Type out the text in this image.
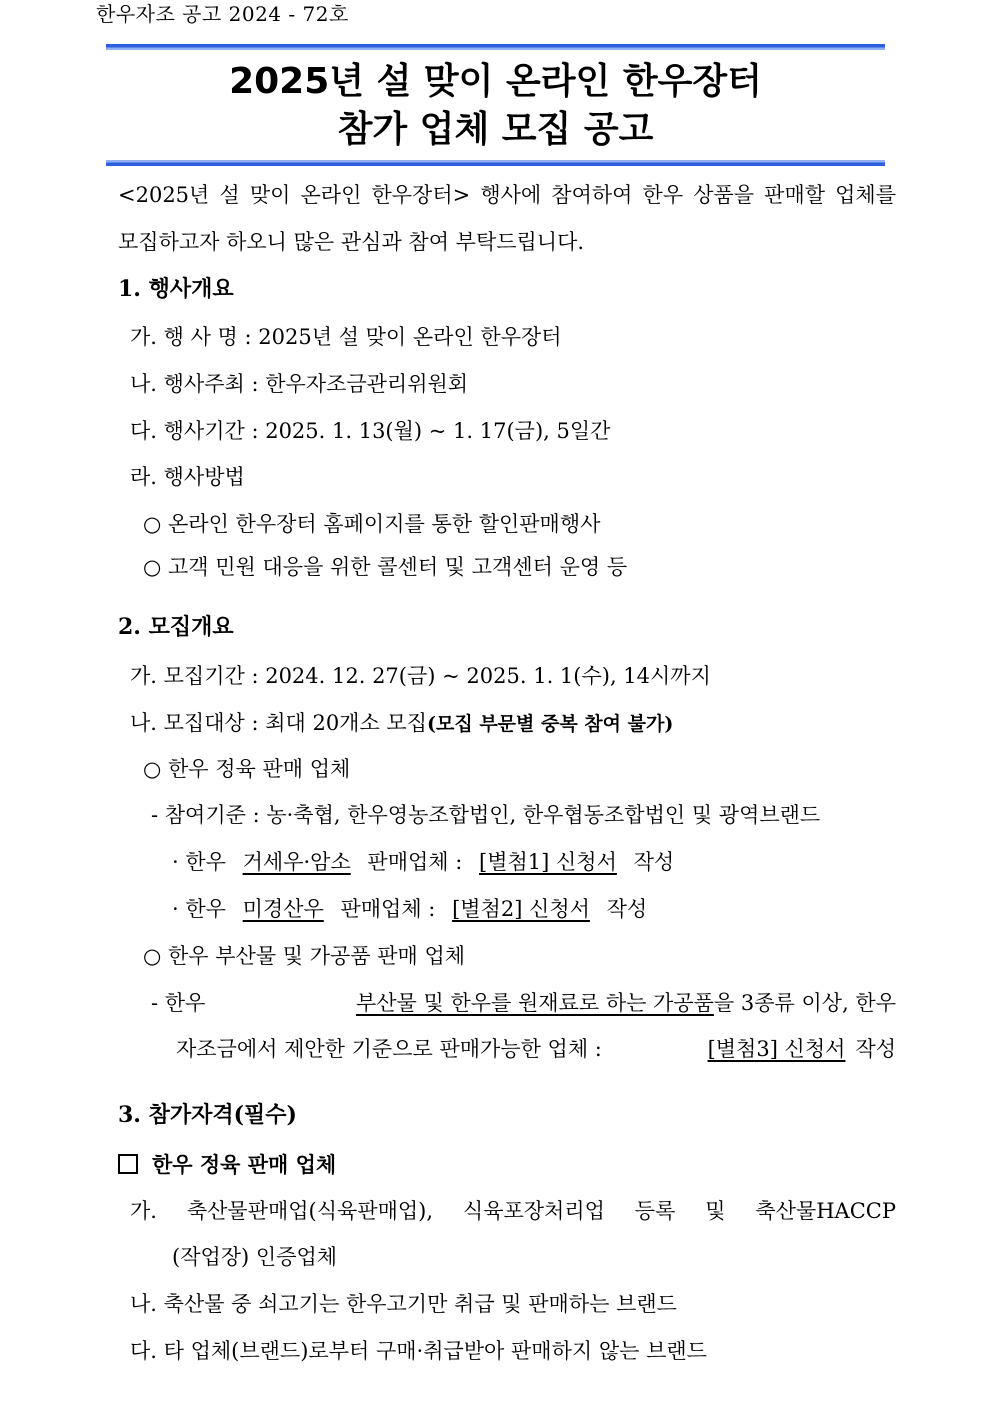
한우자조 공고 2024 - 72호
2025년 설 맞이 온라인 한우장터
참가 업체 모집 공고
<2025년 설 맞이 온라인 한우장터> 행사에 참여하여 한우 상품을 판매할 업체를
모집하고자 하오니 많은 관심과 참여 부탁드립니다.
1. 행사개요
가. 행 사 명 : 2025년 설 맞이 온라인 한우장터
나. 행사주최 : 한우자조금관리위원회
다. 행사기간 : 2025. 1. 13(월) ~ 1. 17(금), 5일간
라. 행사방법
○ 온라인 한우장터 홈페이지를 통한 할인판매행사
○ 고객 민원 대응을 위한 콜센터 및 고객센터 운영 등
2. 모집개요
가. 모집기간 : 2024. 12. 27(금) ~ 2025. 1. 1(수), 14시까지
나. 모집대상 : 최대 20개소 모집(모집 부문별 중복 참여 불가)
○ 한우 정육 판매 업체
- 참여기준 : 농·축협, 한우영농조합법인, 한우협동조합법인 및 광역브랜드
· 한우 거세우·암소 판매업체 : [별첨1] 신청서 작성
· 한우 미경산우 판매업체 : [별첨2] 신청서 작성
○ 한우 부산물 및 가공품 판매 업체
- 한우	부산물 및 한우를 원재료로 하는 가공품을 3종류 이상, 한우
자조금에서 제안한 기준으로 판매가능한 업체 :	[별첨3] 신청서 작성
3. 참가자격(필수)
한우 정육 판매 업체
가. 축산물판매업(식육판매업), 식육포장처리업 등록 및 축산물HACCP
(작업장) 인증업체
나. 축산물 중 쇠고기는 한우고기만 취급 및 판매하는 브랜드
다. 타 업체(브랜드)로부터 구매·취급받아 판매하지 않는 브랜드
